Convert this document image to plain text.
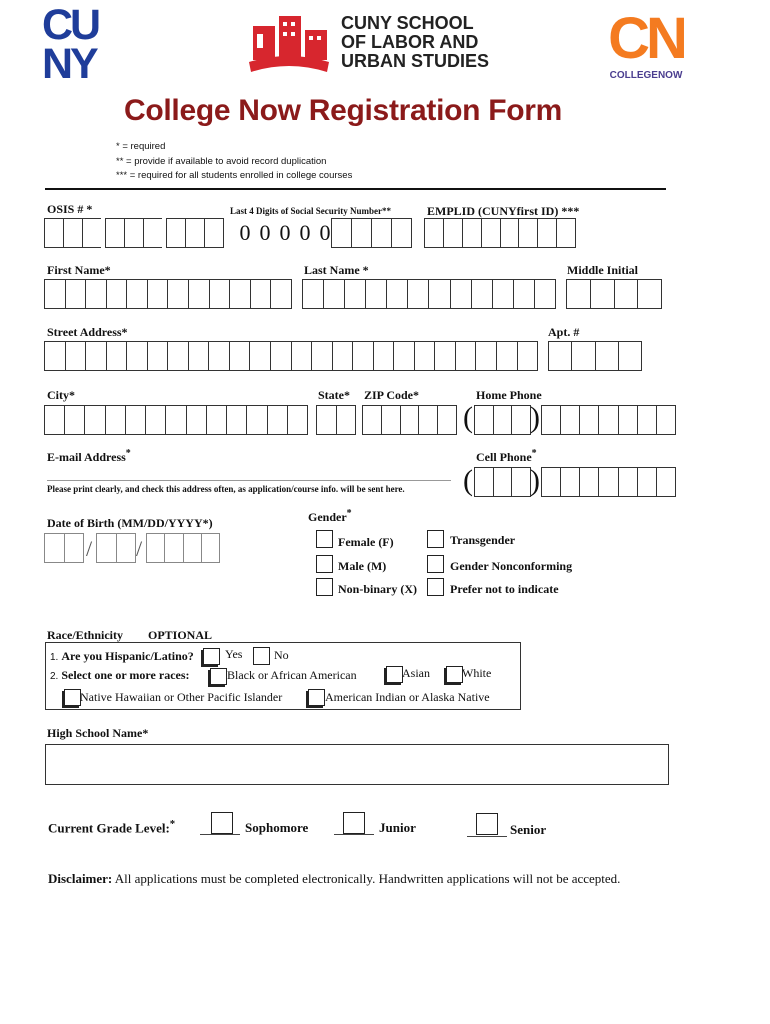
CUNY
CUNY SCHOOL
OF LABOR AND
URBAN STUDIES CN
COLLEGENOW
College Now Registration Form
* = required
** = provide if available to avoid record duplication
*** = required for all students enrolled in college courses
OSIS # *	Last 4 Digits of Social Security Number**	EMPLID (CUNYfirst ID) ***
0 0 0 0 0
First Name*	Last Name *	Middle Initial
Street Address*	Apt. #
City*	State* ZIP Code*	Home Phone
( )
E-mail Address*
Please print clearly, and check this address often, as application/course info. will be sent here.
Cell Phone*
( )
Date of Birth (MM/DD/YYYY*)
/ /
Gender*
Female (F)
Male (M)
Non-binary (X)
Transgender
Gender Nonconforming
Prefer not to indicate
Race/Ethnicity OPTIONAL
1. Are you Hispanic/Latino?	Yes	No
2. Select one or more races:	Black or African American	Asian	White
Native Hawaiian or Other Pacific Islander	American Indian or Alaska Native
High School Name*
Current Grade Level:*	Sophomore	Junior	Senior
Disclaimer: All applications must be completed electronically. Handwritten applications will not be accepted.
